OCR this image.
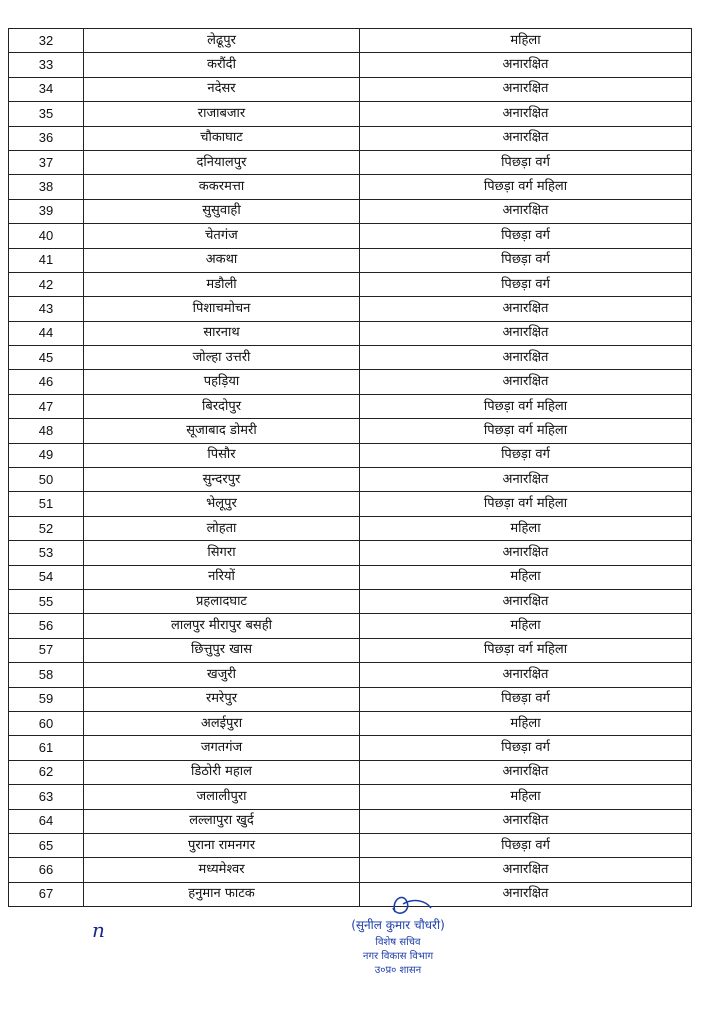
32	लेढूपुर	महिला
33	करौंदी	अनारक्षित
34	नदेसर	अनारक्षित
35	राजाबजार	अनारक्षित
36	चौकाघाट	अनारक्षित
37	दनियालपुर	पिछड़ा वर्ग
38	ककरमत्ता	पिछड़ा वर्ग महिला
39	सुसुवाही	अनारक्षित
40	चेतगंज	पिछड़ा वर्ग
41	अकथा	पिछड़ा वर्ग
42	मडौली	पिछड़ा वर्ग
43	पिशाचमोचन	अनारक्षित
44	सारनाथ	अनारक्षित
45	जोल्हा उत्तरी	अनारक्षित
46	पहड़िया	अनारक्षित
47	बिरदोपुर	पिछड़ा वर्ग महिला
48	सूजाबाद डोमरी	पिछड़ा वर्ग महिला
49	पिसौर	पिछड़ा वर्ग
50	सुन्दरपुर	अनारक्षित
51	भेलूपुर	पिछड़ा वर्ग महिला
52	लोहता	महिला
53	सिगरा	अनारक्षित
54	नरियों	महिला
55	प्रहलादघाट	अनारक्षित
56	लालपुर मीरापुर बसही	महिला
57	छित्तुपुर खास	पिछड़ा वर्ग महिला
58	खजुरी	अनारक्षित
59	रमरेपुर	पिछड़ा वर्ग
60	अलईपुरा	महिला
61	जगतगंज	पिछड़ा वर्ग
62	डिठोरी महाल	अनारक्षित
63	जलालीपुरा	महिला
64	लल्लापुरा खुर्द	अनारक्षित
65	पुराना रामनगर	पिछड़ा वर्ग
66	मध्यमेश्वर	अनारक्षित
67	हनुमान फाटक	अनारक्षित
n	(सुनील कुमार चौधरी)
विशेष सचिव
नगर विकास विभाग
उ०प्र० शासन
